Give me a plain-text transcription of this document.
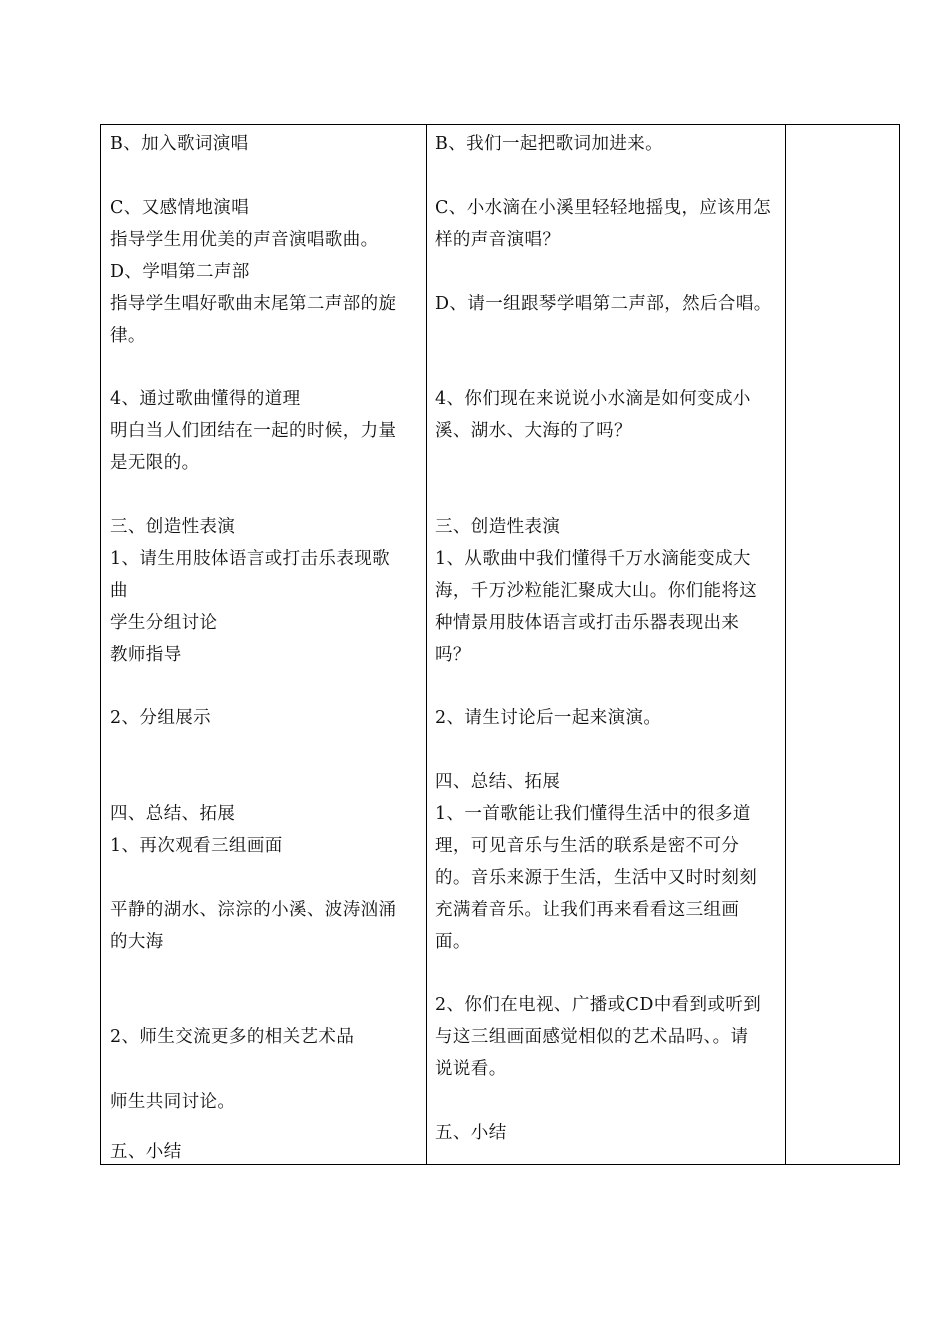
B、加入歌词演唱
C、又感情地演唱
指导学生用优美的声音演唱歌曲。
D、学唱第二声部
指导学生唱好歌曲末尾第二声部的旋
律。
4、通过歌曲懂得的道理
明白当人们团结在一起的时候，力量
是无限的。
三、创造性表演
1、请生用肢体语言或打击乐表现歌
曲
学生分组讨论
教师指导
2、分组展示
四、总结、拓展
1、再次观看三组画面
平静的湖水、淙淙的小溪、波涛汹涌
的大海
2、师生交流更多的相关艺术品
师生共同讨论。
五、小结
B、我们一起把歌词加进来。
C、小水滴在小溪里轻轻地摇曳，应该用怎
样的声音演唱？
D、请一组跟琴学唱第二声部，然后合唱。
4、你们现在来说说小水滴是如何变成小
溪、湖水、大海的了吗？
三、创造性表演
1、从歌曲中我们懂得千万水滴能变成大
海，千万沙粒能汇聚成大山。你们能将这
种情景用肢体语言或打击乐器表现出来
吗？
2、请生讨论后一起来演演。
四、总结、拓展
1、一首歌能让我们懂得生活中的很多道
理，可见音乐与生活的联系是密不可分
的。音乐来源于生活，生活中又时时刻刻
充满着音乐。让我们再来看看这三组画
面。
2、你们在电视、广播或CD中看到或听到
与这三组画面感觉相似的艺术品吗、。请
说说看。
五、小结
